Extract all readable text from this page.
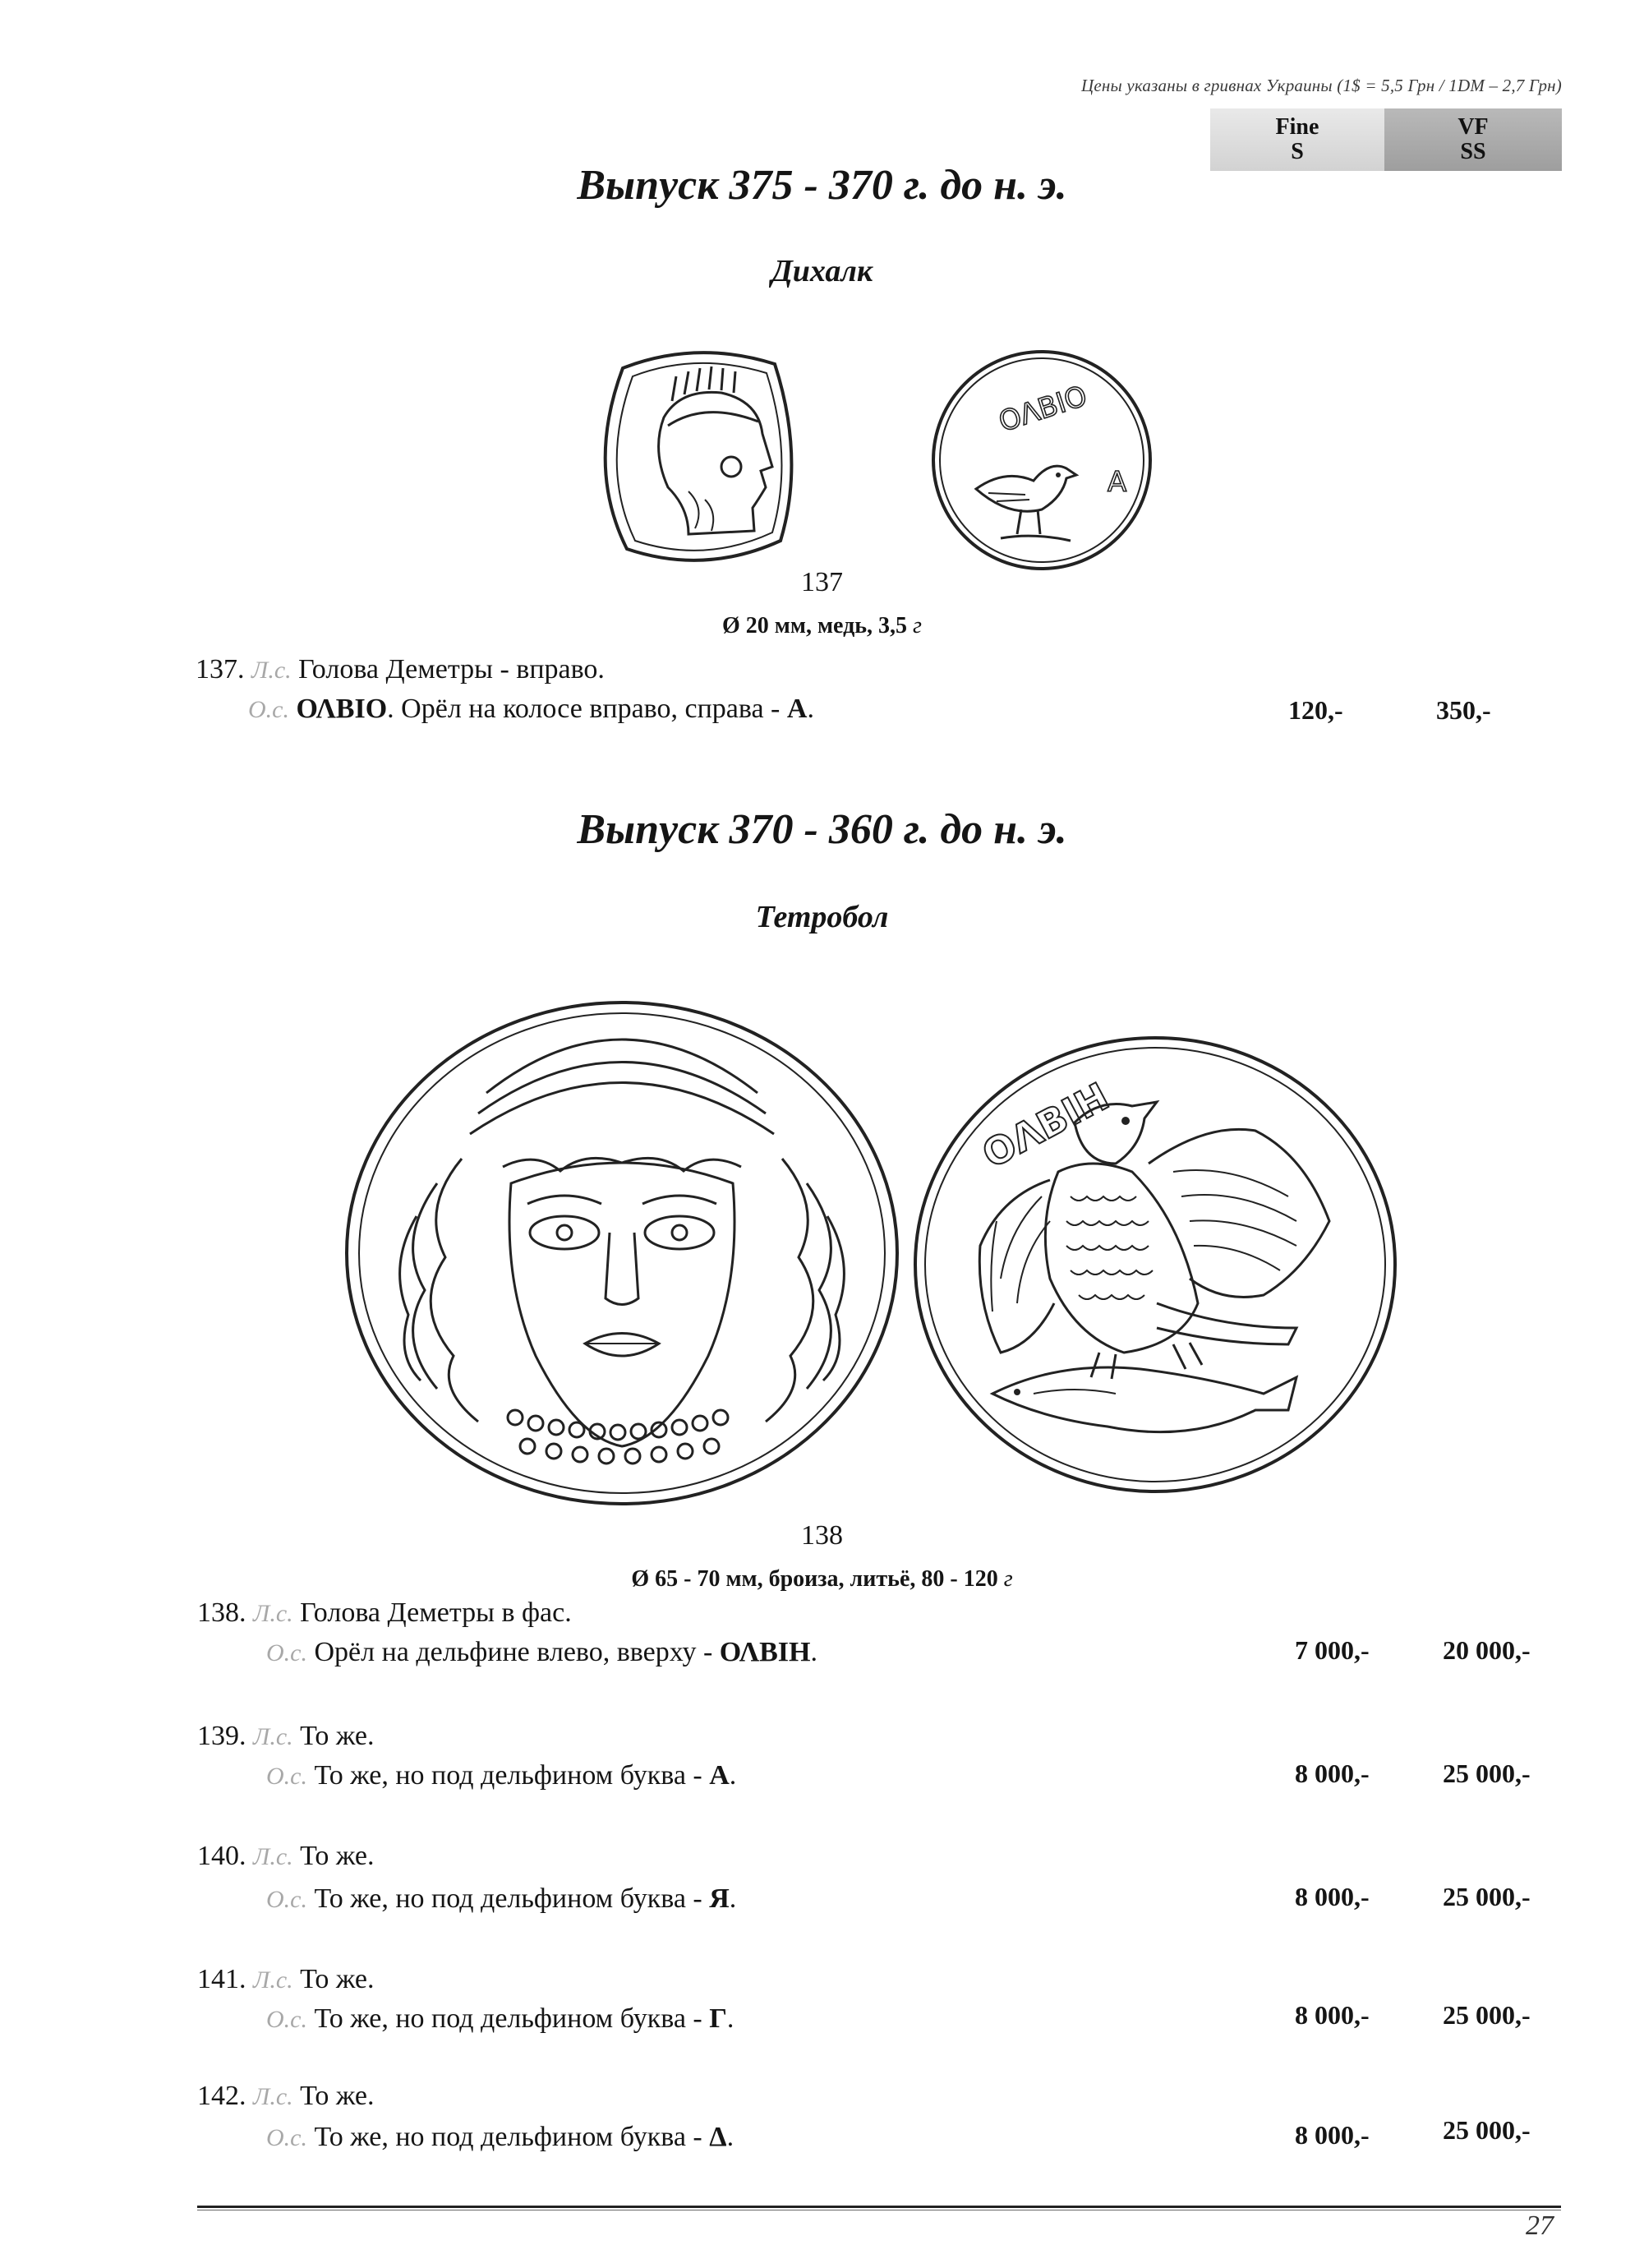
Цены указаны в гривнах Украины (1$ = 5,5 Грн / 1DM – 2,7 Грн)
Fine
S
VF
SS
Выпуск 375 - 370 г. до н. э.
Дихалк
ΟΛΒΙΟ
A
137
Ø 20 мм, медь, 3,5 г
137. Л.с. Голова Деметры - вправо.
О.с. ΟΛΒΙΟ. Орёл на колосе вправо, справа - А.	120,-	350,-
Выпуск 370 - 360 г. до н. э.
Тетробол
ΟΛΒΙΗ
138
Ø 65 - 70 мм, броиза, литьё, 80 - 120 г
138. Л.с. Голова Деметры в фас.
О.с. Орёл на дельфине влево, вверху - ΟΛΒΙΗ.	7 000,-	20 000,-
139. Л.с. То же.
О.с. То же, но под дельфином буква - А.	8 000,-	25 000,-
140. Л.с. То же.
О.с. То же, но под дельфином буква - Я.	8 000,-	25 000,-
141. Л.с. То же.
О.с. То же, но под дельфином буква - Г.	8 000,-	25 000,-
142. Л.с. То же.
О.с. То же, но под дельфином буква - Δ.	8 000,-	25 000,-
27
